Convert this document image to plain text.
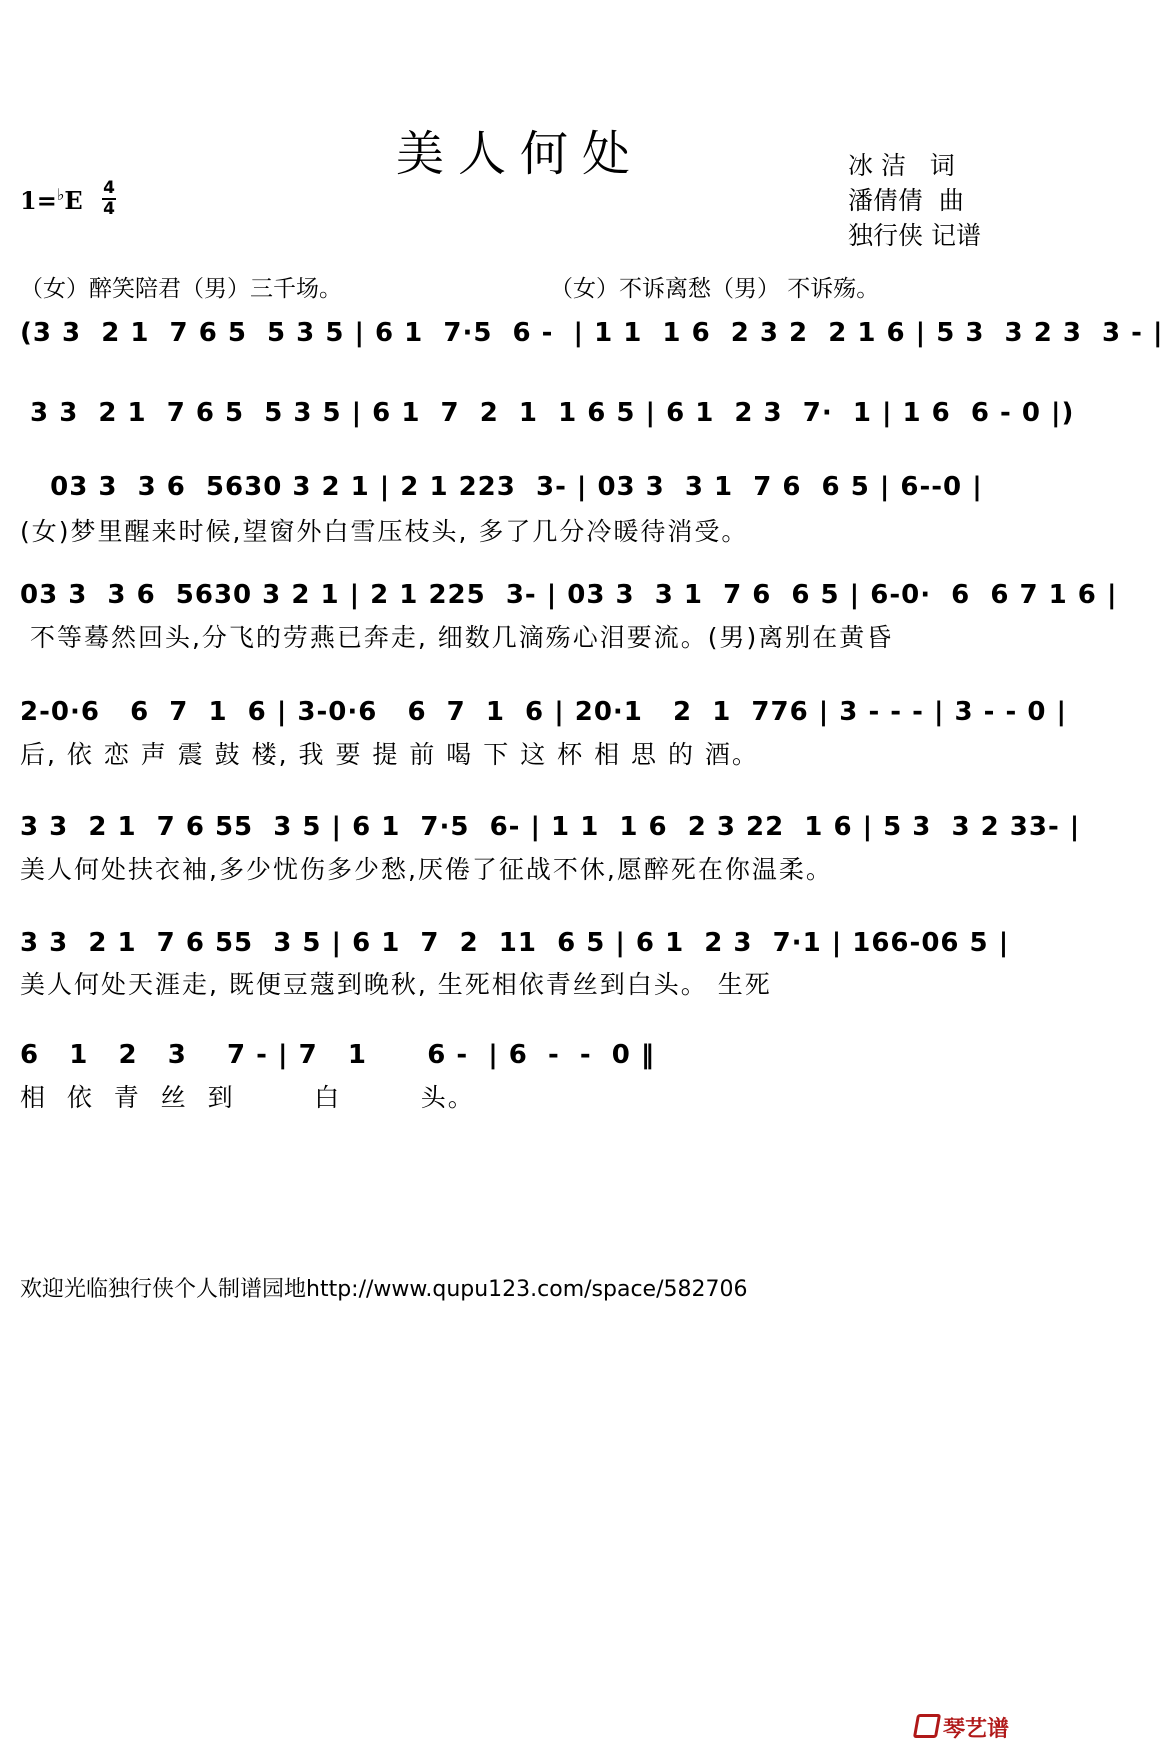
美人何处	冰 洁   词
潘倩倩  曲
独行侠 记谱
1=♭E 4
4
（女）醉笑陪君（男）三千场。	（女）不诉离愁（男） 不诉殇。
(3 3  2 1  7 6 5  5 3 5 | 6 1  7·5  6 -  | 1 1  1 6  2 3 2  2 1 6 | 5 3  3 2 3  3 - |
3 3  2 1  7 6 5  5 3 5 | 6 1  7  2  1  1 6 5 | 6 1  2 3  7·  1 | 1 6  6 - 0 |)
03 3  3 6  5630 3 2 1 | 2 1 223  3- | 03 3  3 1  7 6  6 5 | 6--0 |
(女)梦里醒来时候,望窗外白雪压枝头, 多了几分冷暖待消受。
03 3  3 6  5630 3 2 1 | 2 1 225  3- | 03 3  3 1  7 6  6 5 | 6-0·  6  6 7 1 6 |
不等蓦然回头,分飞的劳燕已奔走, 细数几滴殇心泪要流。(男)离别在黄昏
2-0·6   6  7  1  6 | 3-0·6   6  7  1  6 | 20·1   2  1  776 | 3 - - - | 3 - - 0 |
后, 依 恋 声 震 鼓 楼, 我 要 提 前 喝 下 这 杯 相 思 的 酒。
3 3  2 1  7 6 55  3 5 | 6 1  7·5  6- | 1 1  1 6  2 3 22  1 6 | 5 3  3 2 33- |
美人何处扶衣袖,多少忧伤多少愁,厌倦了征战不休,愿醉死在你温柔。
3 3  2 1  7 6 55  3 5 | 6 1  7  2  11  6 5 | 6 1  2 3  7·1 | 166-06 5 |
美人何处天涯走, 既便豆蔻到晚秋, 生死相依青丝到白头。 生死
6   1   2   3    7 - | 7   1      6 -  | 6  -  -  0 ‖
相  依  青  丝  到        白        头。
欢迎光临独行侠个人制谱园地http://www.qupu123.com/space/582706
琴艺谱
